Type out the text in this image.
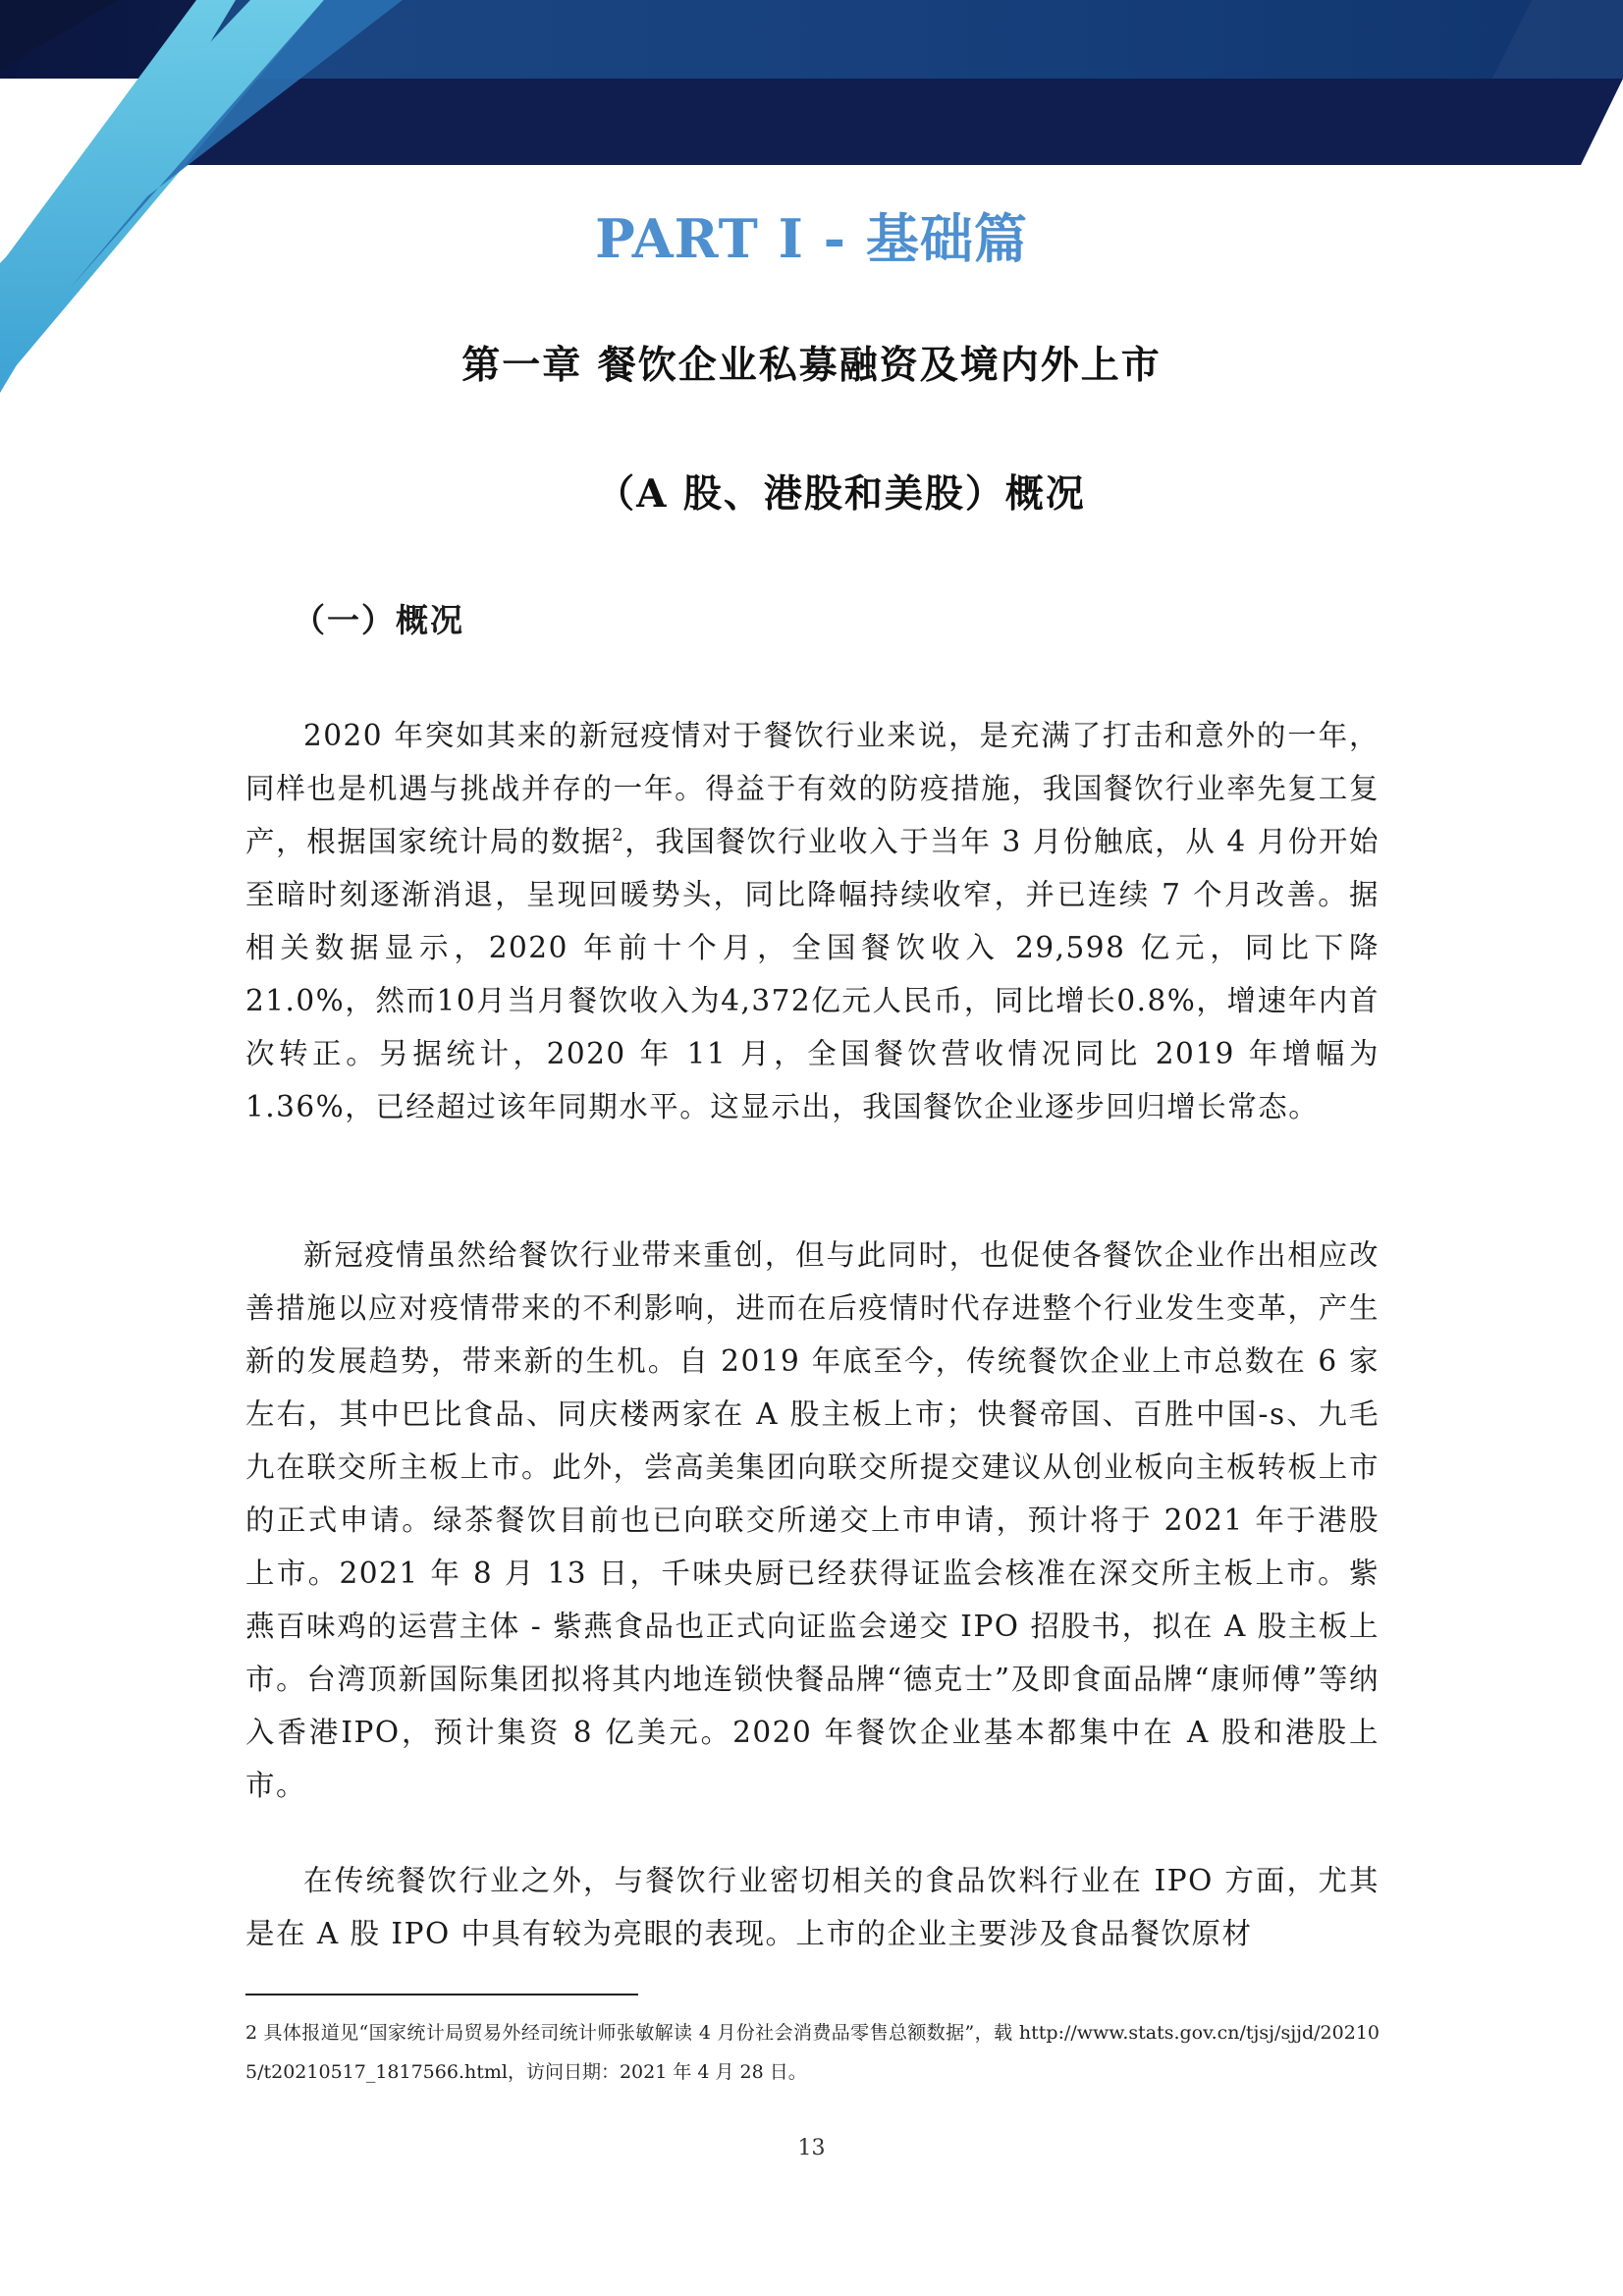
PART I - 基础篇
第一章 餐饮企业私募融资及境内外上市
（A 股、港股和美股）概况
（一）概况

2020 年突如其来的新冠疫情对于餐饮行业来说，是充满了打击和意外的一年，同样也是机遇与挑战并存的一年。得益于有效的防疫措施，我国餐饮行业率先复工复产，根据国家统计局的数据$^2$，我国餐饮行业收入于当年 3 月份触底，从 4 月份开始至暗时刻逐渐消退，呈现回暖势头，同比降幅持续收窄，并已连续 7 个月改善。据相关数据显示，2020 年前十个月，全国餐饮收入 29,598 亿元，同比下降21.0%，然而10月当月餐饮收入为4,372亿元人民币，同比增长0.8%，增速年内首次转正。另据统计，2020 年 11 月，全国餐饮营收情况同比 2019 年增幅为 1.36%，已经超过该年同期水平。这显示出，我国餐饮企业逐步回归增长常态。

新冠疫情虽然给餐饮行业带来重创，但与此同时，也促使各餐饮企业作出相应改善措施以应对疫情带来的不利影响，进而在后疫情时代存进整个行业发生变革，产生新的发展趋势，带来新的生机。自 2019 年底至今，传统餐饮企业上市总数在 6 家左右，其中巴比食品、同庆楼两家在 A 股主板上市；快餐帝国、百胜中国-s、九毛九在联交所主板上市。此外，尝高美集团向联交所提交建议从创业板向主板转板上市的正式申请。绿茶餐饮目前也已向联交所递交上市申请，预计将于 2021 年于港股上市。2021 年 8 月 13 日，千味央厨已经获得证监会核准在深交所主板上市。紫燕百味鸡的运营主体 - 紫燕食品也正式向证监会递交 IPO 招股书，拟在 A 股主板上市。台湾顶新国际集团拟将其内地连锁快餐品牌“德克士”及即食面品牌“康师傅”等纳入香港IPO，预计集资 8 亿美元。2020 年餐饮企业基本都集中在 A 股和港股上市。

在传统餐饮行业之外，与餐饮行业密切相关的食品饮料行业在 IPO 方面，尤其是在 A 股 IPO 中具有较为亮眼的表现。上市的企业主要涉及食品餐饮原材

2 具体报道见“国家统计局贸易外经司统计师张敏解读 4 月份社会消费品零售总额数据”，载 http://www.stats.gov.cn/tjsj/sjjd/202105/t20210517_1817566.html，访问日期：2021 年 4 月 28 日。

13
